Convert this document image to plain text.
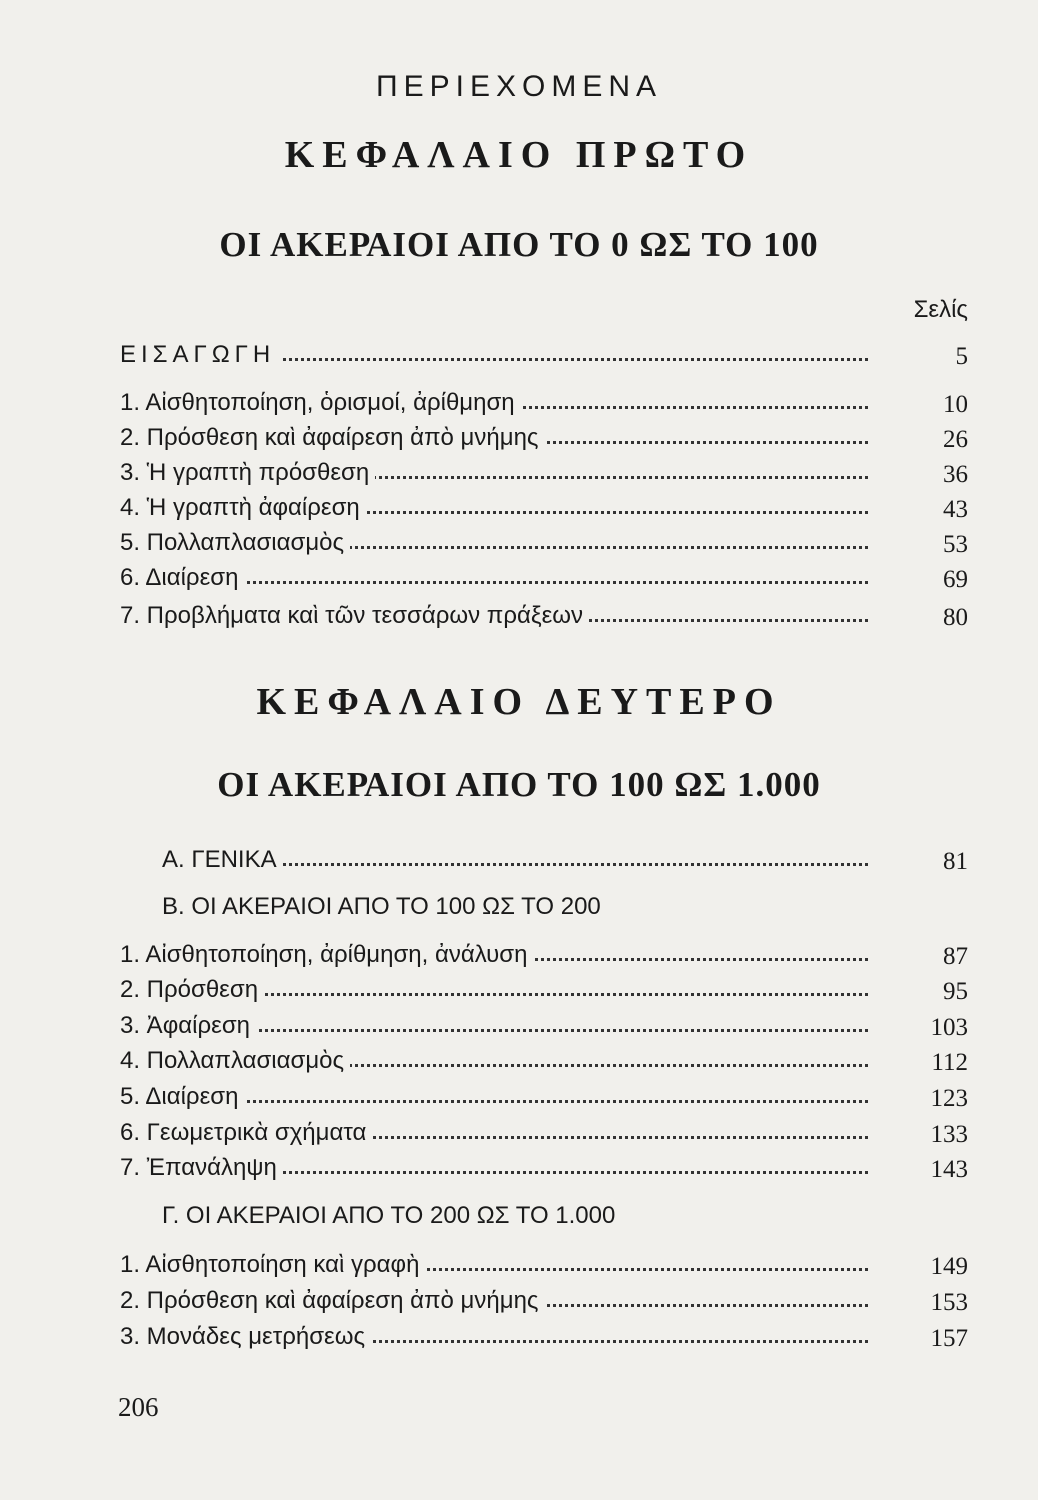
ΠΕΡΙΕΧΟΜΕΝΑ
ΚΕΦΑΛΑΙΟ ΠΡΩΤΟ
ΟΙ ΑΚΕΡΑΙΟΙ ΑΠΟ ΤΟ 0 ΩΣ ΤΟ 100
Σελίς
ΕΙΣΑΓΩΓΗ	5
1. Αἰσθητοποίηση, ὁρισμοί, ἀρίθμηση	10
2. Πρόσθεση καὶ ἀφαίρεση ἀπὸ μνήμης	26
3. Ἡ γραπτὴ πρόσθεση	36
4. Ἡ γραπτὴ ἀφαίρεση	43
5. Πολλαπλασιασμὸς	53
6. Διαίρεση	69
7. Προβλήματα καὶ τῶν τεσσάρων πράξεων	80
ΚΕΦΑΛΑΙΟ ΔΕΥΤΕΡΟ
ΟΙ ΑΚΕΡΑΙΟΙ ΑΠΟ ΤΟ 100 ΩΣ 1.000
Α. ΓΕΝΙΚΑ	81
Β. ΟΙ ΑΚΕΡΑΙΟΙ ΑΠΟ ΤΟ 100 ΩΣ ΤΟ 200
1. Αἰσθητοποίηση, ἀρίθμηση, ἀνάλυση	87
2. Πρόσθεση	95
3. Ἀφαίρεση	103
4. Πολλαπλασιασμὸς	112
5. Διαίρεση	123
6. Γεωμετρικὰ σχήματα	133
7. Ἐπανάληψη	143
Γ. ΟΙ ΑΚΕΡΑΙΟΙ ΑΠΟ ΤΟ 200 ΩΣ ΤΟ 1.000
1. Αἰσθητοποίηση καὶ γραφὴ	149
2. Πρόσθεση καὶ ἀφαίρεση ἀπὸ μνήμης	153
3. Μονάδες μετρήσεως	157
206
